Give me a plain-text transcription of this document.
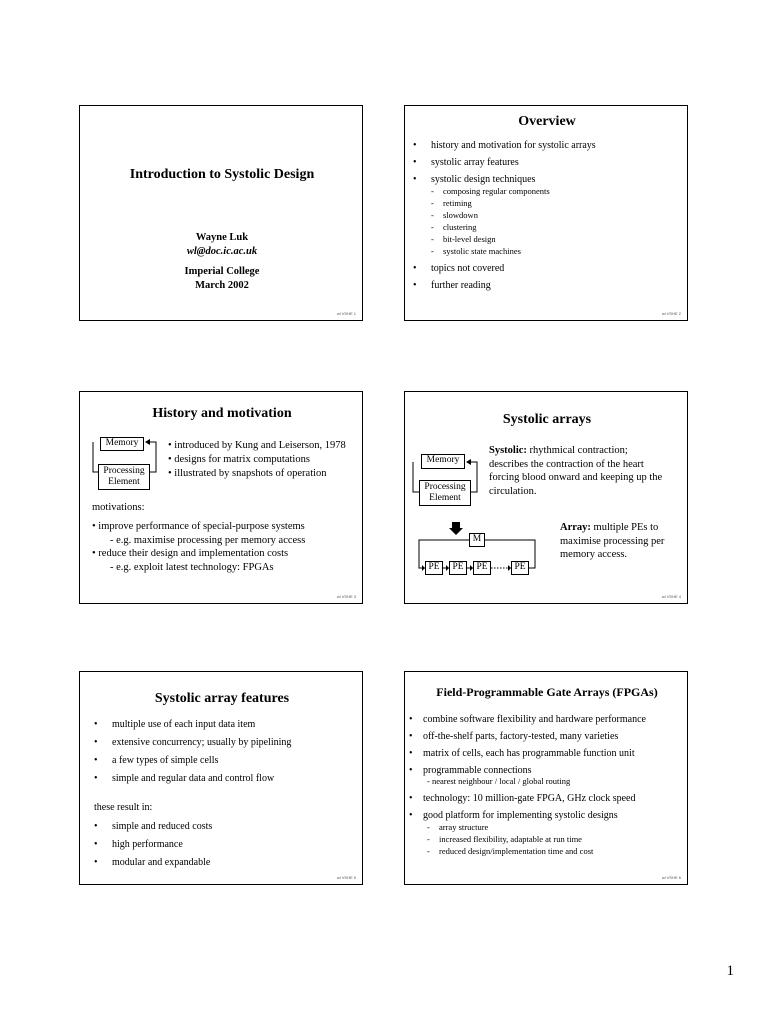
Introduction to Systolic Design
Wayne Luk
wl@doc.ic.ac.uk
Imperial College
March 2002
wl VSHE 1
Overview
• history and motivation for systolic arrays
• systolic array features
• systolic design techniques
- composing regular components
- retiming
- slowdown
- clustering
- bit-level design
- systolic state machines
• topics not covered
• further reading
wl VSHE 2
History and motivation
Memory
Processing
Element
• introduced by Kung and Leiserson, 1978
• designs for matrix computations
• illustrated by snapshots of operation
motivations:
• improve performance of special-purpose systems
- e.g. maximise processing per memory access
• reduce their design and implementation costs
- e.g. exploit latest technology: FPGAs
wl VSHE 3
Systolic arrays
Memory
Processing
Element
M
PE	PE	PE	PE
Systolic: rhythmical contraction;
describes the contraction of the heart
forcing blood onward and keeping up the
circulation.
Array: multiple PEs to
maximise processing per
memory access.
wl VSHE 4
Systolic array features
• multiple use of each input data item
• extensive concurrency; usually by pipelining
• a few types of simple cells
• simple and regular data and control flow
these result in:
• simple and reduced costs
• high performance
• modular and expandable
wl VSHE 5
Field-Programmable Gate Arrays (FPGAs)
• combine software flexibility and hardware performance
• off-the-shelf parts, factory-tested, many varieties
• matrix of cells, each has programmable function unit
• programmable connections
- nearest neighbour / local / global routing
• technology: 10 million-gate FPGA, GHz clock speed
• good platform for implementing systolic designs
- array structure
- increased flexibility, adaptable at run time
- reduced design/implementation time and cost
wl VSHE 6
1
